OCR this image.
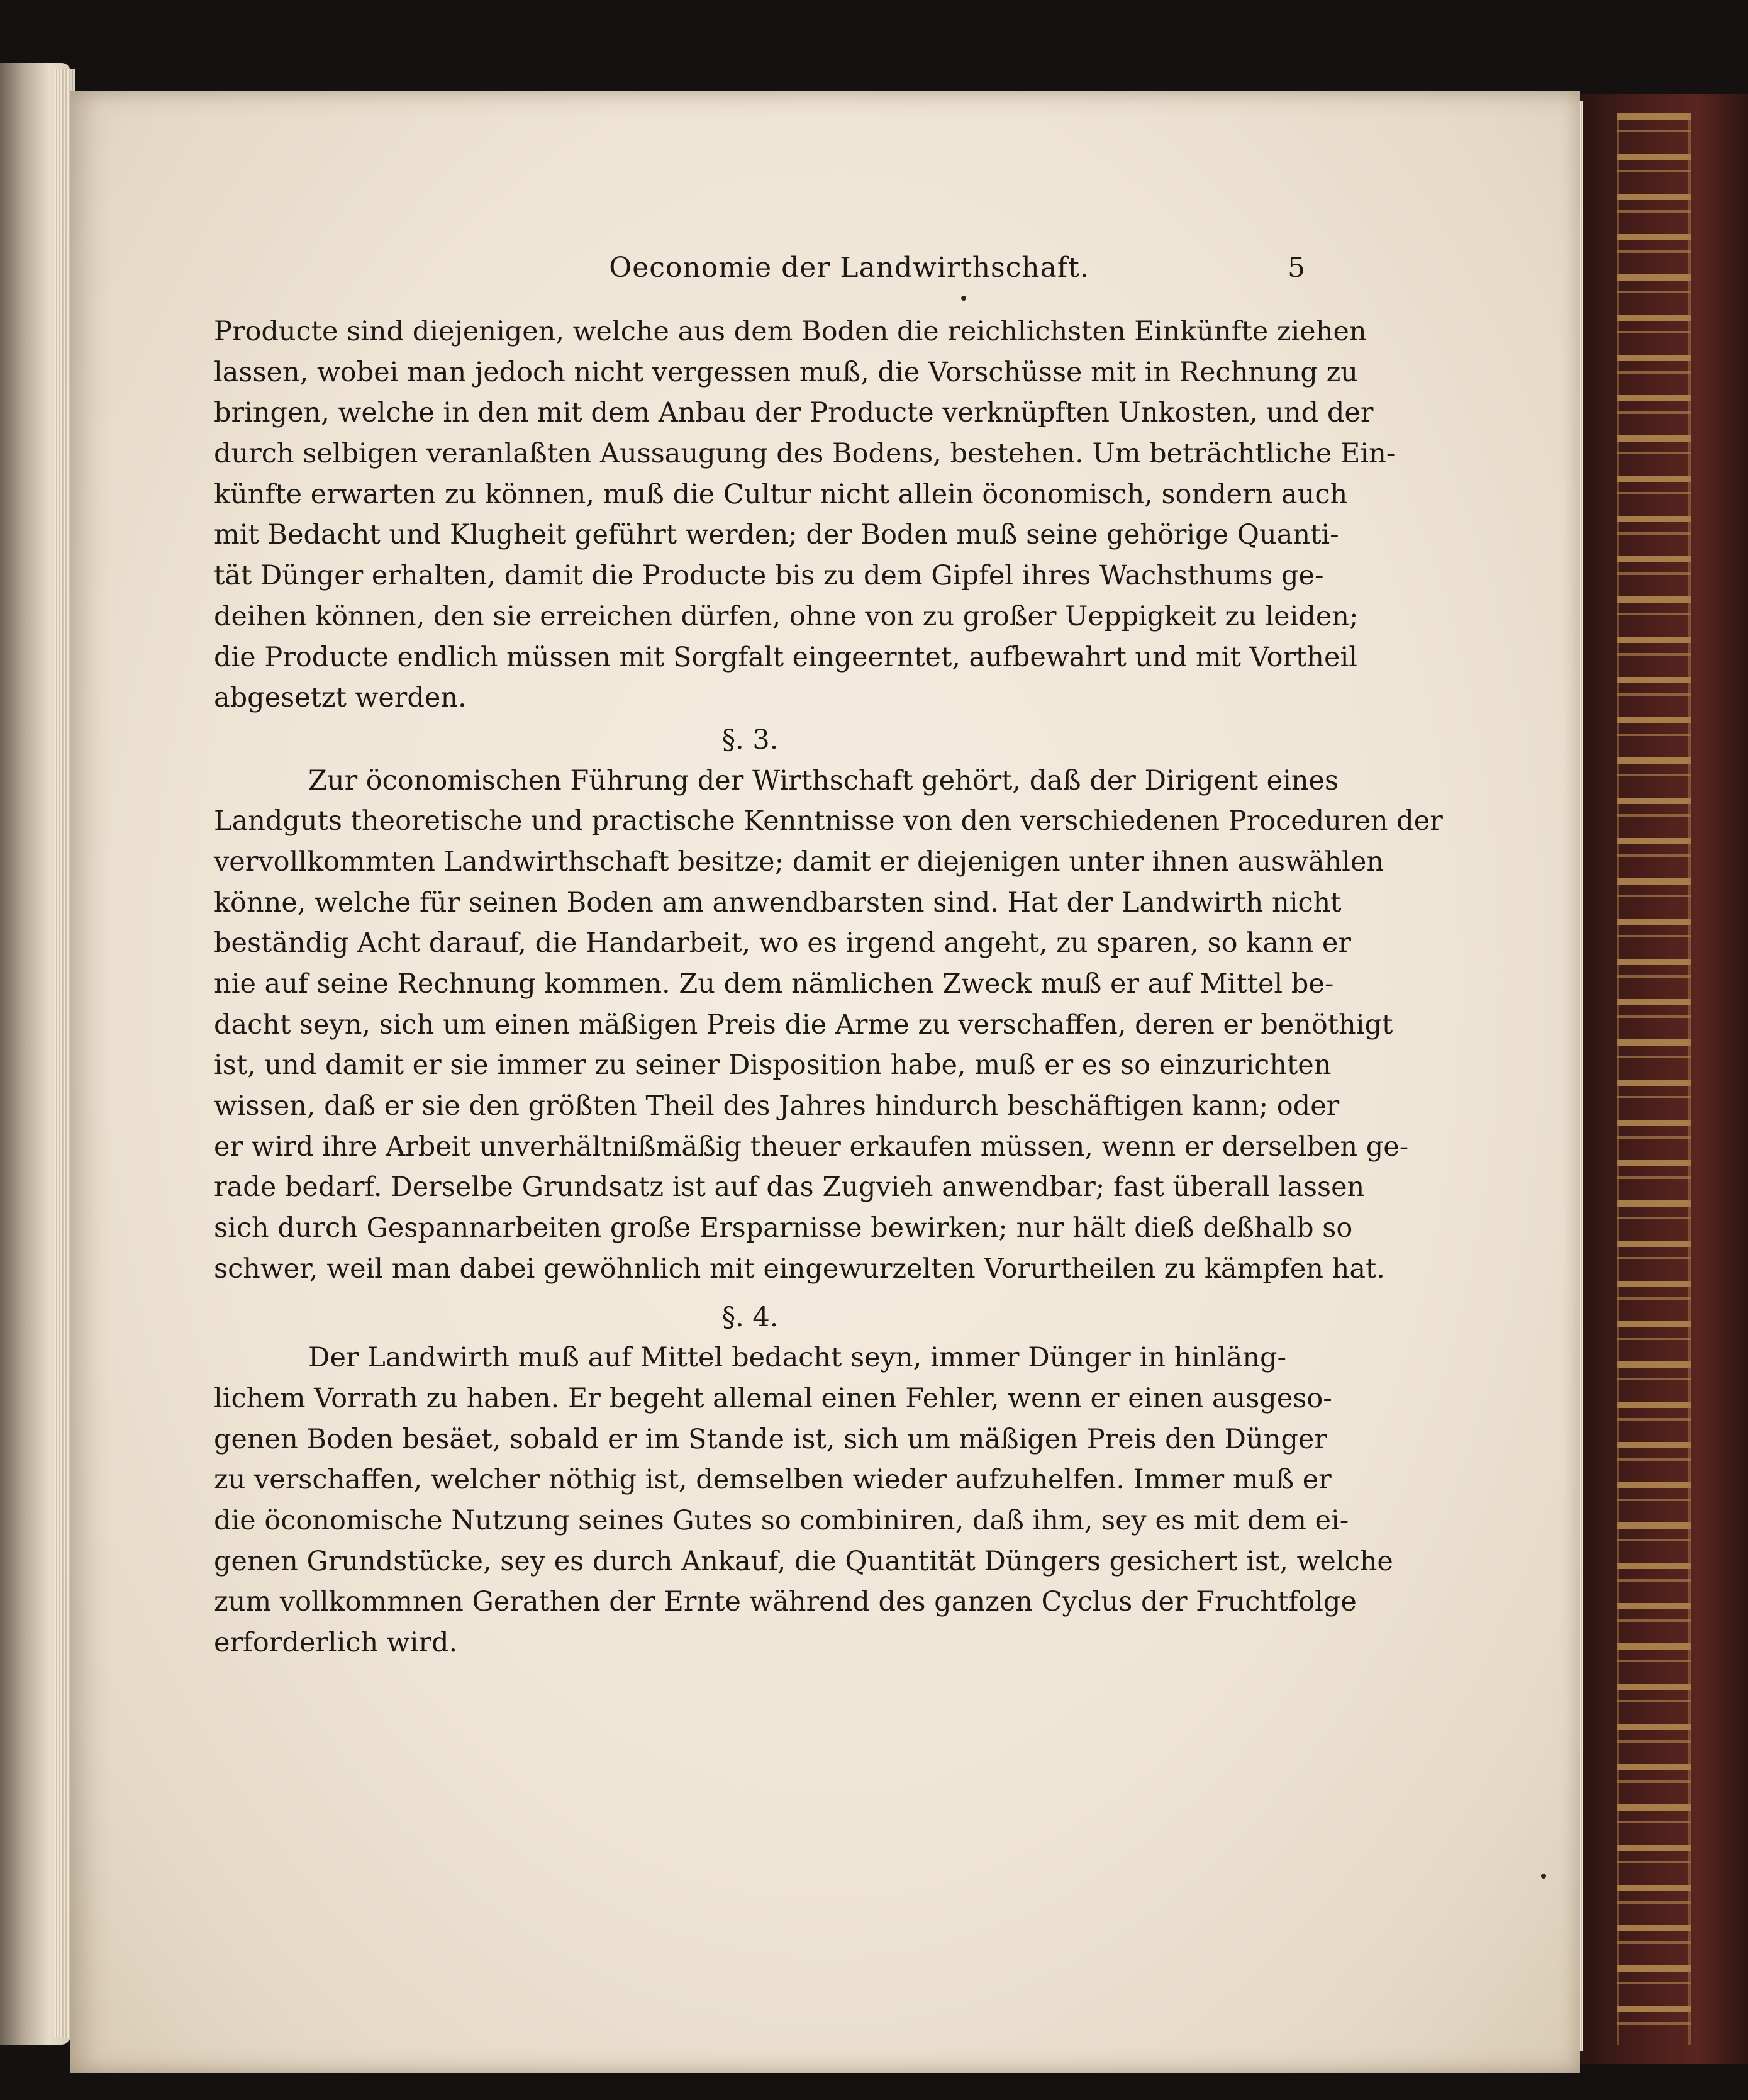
Oeconomie der Landwirthschaft.	5
Producte sind diejenigen, welche aus dem Boden die reichlichsten Einkünfte ziehen
lassen, wobei man jedoch nicht vergessen muß, die Vorschüsse mit in Rechnung zu
bringen, welche in den mit dem Anbau der Producte verknüpften Unkosten, und der
durch selbigen veranlaßten Aussaugung des Bodens, bestehen. Um beträchtliche Ein-
künfte erwarten zu können, muß die Cultur nicht allein öconomisch, sondern auch
mit Bedacht und Klugheit geführt werden; der Boden muß seine gehörige Quanti-
tät Dünger erhalten, damit die Producte bis zu dem Gipfel ihres Wachsthums ge-
deihen können, den sie erreichen dürfen, ohne von zu großer Ueppigkeit zu leiden;
die Producte endlich müssen mit Sorgfalt eingeerntet, aufbewahrt und mit Vortheil
abgesetzt werden.
§. 3.
Zur öconomischen Führung der Wirthschaft gehört, daß der Dirigent eines
Landguts theoretische und practische Kenntnisse von den verschiedenen Proceduren der
vervollkommten Landwirthschaft besitze; damit er diejenigen unter ihnen auswählen
könne, welche für seinen Boden am anwendbarsten sind. Hat der Landwirth nicht
beständig Acht darauf, die Handarbeit, wo es irgend angeht, zu sparen, so kann er
nie auf seine Rechnung kommen. Zu dem nämlichen Zweck muß er auf Mittel be-
dacht seyn, sich um einen mäßigen Preis die Arme zu verschaffen, deren er benöthigt
ist, und damit er sie immer zu seiner Disposition habe, muß er es so einzurichten
wissen, daß er sie den größten Theil des Jahres hindurch beschäftigen kann; oder
er wird ihre Arbeit unverhältnißmäßig theuer erkaufen müssen, wenn er derselben ge-
rade bedarf. Derselbe Grundsatz ist auf das Zugvieh anwendbar; fast überall lassen
sich durch Gespannarbeiten große Ersparnisse bewirken; nur hält dieß deßhalb so
schwer, weil man dabei gewöhnlich mit eingewurzelten Vorurtheilen zu kämpfen hat.
§. 4.
Der Landwirth muß auf Mittel bedacht seyn, immer Dünger in hinläng-
lichem Vorrath zu haben. Er begeht allemal einen Fehler, wenn er einen ausgeso-
genen Boden besäet, sobald er im Stande ist, sich um mäßigen Preis den Dünger
zu verschaffen, welcher nöthig ist, demselben wieder aufzuhelfen. Immer muß er
die öconomische Nutzung seines Gutes so combiniren, daß ihm, sey es mit dem ei-
genen Grundstücke, sey es durch Ankauf, die Quantität Düngers gesichert ist, welche
zum vollkommnen Gerathen der Ernte während des ganzen Cyclus der Fruchtfolge
erforderlich wird.
